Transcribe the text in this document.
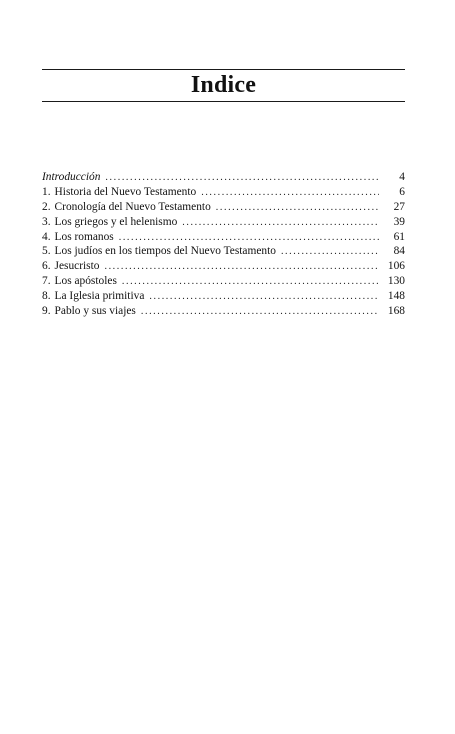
Indice
Introducción .....	4
1. Historia del Nuevo Testamento .....	6
2. Cronología del Nuevo Testamento .....	27
3. Los griegos y el helenismo .....	39
4. Los romanos .....	61
5. Los judíos en los tiempos del Nuevo Testamento .....	84
6. Jesucristo .....	106
7. Los apóstoles .....	130
8. La Iglesia primitiva .....	148
9. Pablo y sus viajes .....	168
